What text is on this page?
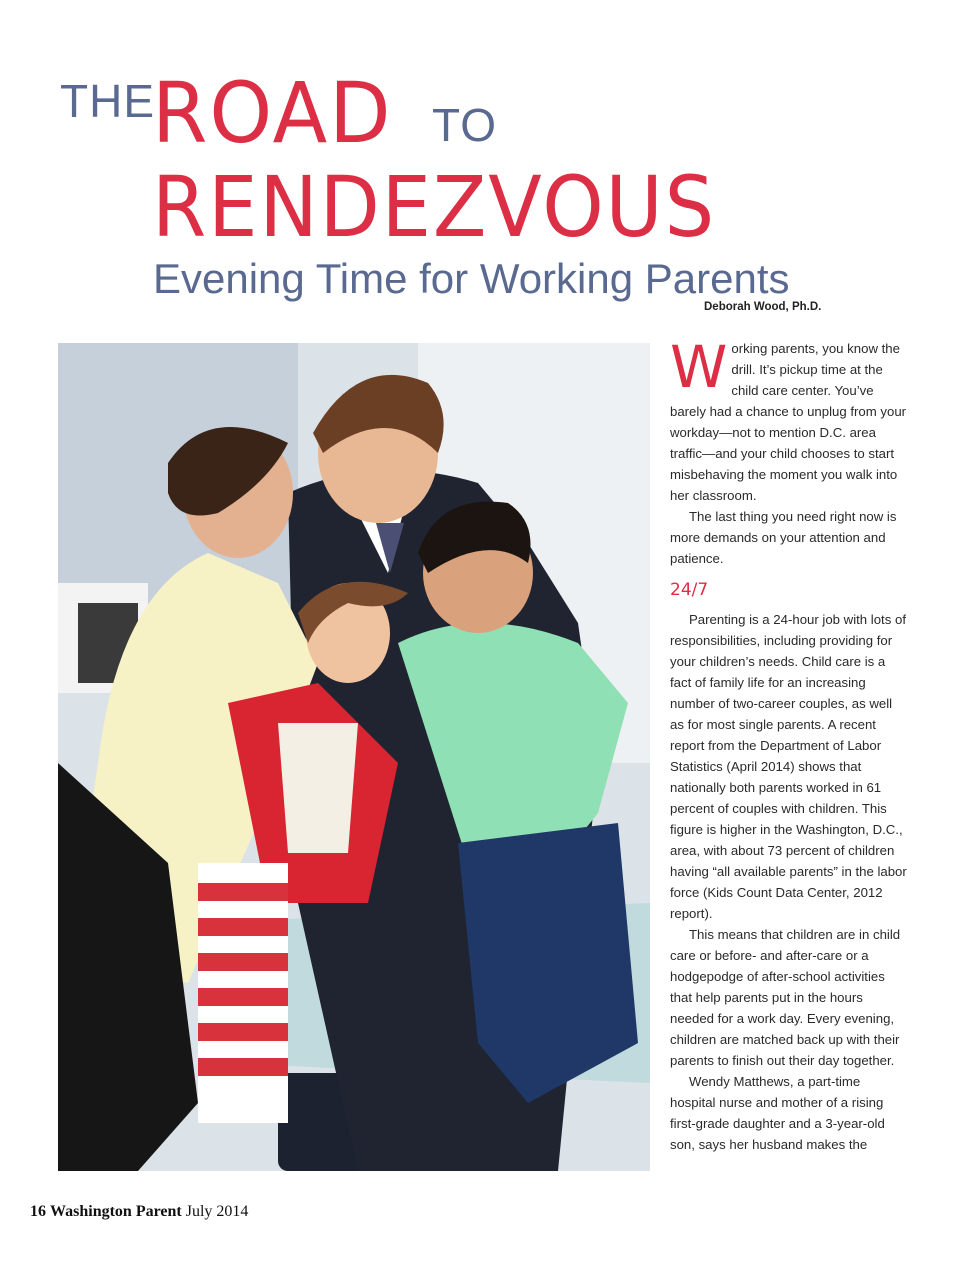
THE
ROAD TO
RENDEZVOUS
Evening Time for Working Parents
Deborah Wood, Ph.D.

Working parents, you know the drill. It’s pickup time at the child care center. You’ve barely had a chance to unplug from your workday—not to mention D.C. area traffic—and your child chooses to start misbehaving the moment you walk into her classroom.

The last thing you need right now is more demands on your attention and patience.

24/7

Parenting is a 24-hour job with lots of responsibilities, including providing for your children’s needs. Child care is a fact of family life for an increasing number of two-career couples, as well as for most single parents. A recent report from the Department of Labor Statistics (April 2014) shows that nationally both parents worked in 61 percent of couples with children. This figure is higher in the Washington, D.C., area, with about 73 percent of children having “all available parents” in the labor force (Kids Count Data Center, 2012 report).

This means that children are in child care or before- and after-care or a hodgepodge of after-school activities that help parents put in the hours needed for a work day. Every evening, children are matched back up with their parents to finish out their day together.

Wendy Matthews, a part-time hospital nurse and mother of a rising first-grade daughter and a 3-year-old son, says her husband makes the

16 Washington Parent July 2014
